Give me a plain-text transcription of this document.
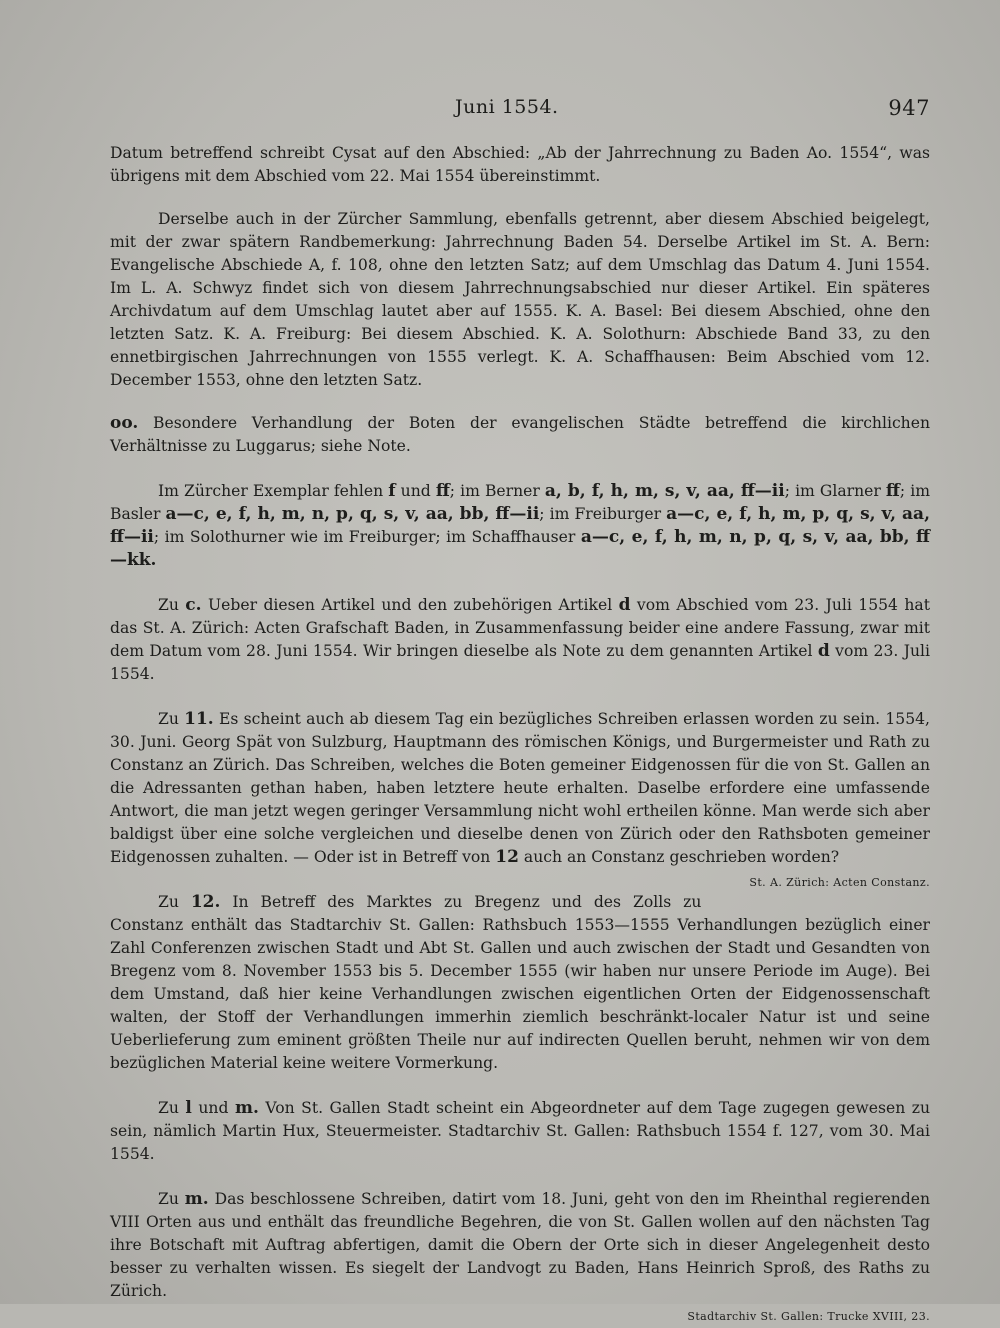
Juni 1554.	947

Datum betreffend schreibt Cysat auf den Abschied: „Ab der Jahrrechnung zu Baden Ao. 1554“, was übrigens mit dem Abschied vom 22. Mai 1554 übereinstimmt.

Derselbe auch in der Zürcher Sammlung, ebenfalls getrennt, aber diesem Abschied beigelegt, mit der zwar spätern Randbemerkung: Jahrrechnung Baden 54. Derselbe Artikel im St. A. Bern: Evangelische Abschiede A, f. 108, ohne den letzten Satz; auf dem Umschlag das Datum 4. Juni 1554. Im L. A. Schwyz findet sich von diesem Jahrrechnungsabschied nur dieser Artikel. Ein späteres Archivdatum auf dem Umschlag lautet aber auf 1555. K. A. Basel: Bei diesem Abschied, ohne den letzten Satz. K. A. Freiburg: Bei diesem Abschied. K. A. Solothurn: Abschiede Band 33, zu den ennetbirgischen Jahrrechnungen von 1555 verlegt. K. A. Schaffhausen: Beim Abschied vom 12. December 1553, ohne den letzten Satz.

oo. Besondere Verhandlung der Boten der evangelischen Städte betreffend die kirchlichen Verhältnisse zu Luggarus; siehe Note.

Im Zürcher Exemplar fehlen f und ff; im Berner a, b, f, h, m, s, v, aa, ff—ii; im Glarner ff; im Basler a—c, e, f, h, m, n, p, q, s, v, aa, bb, ff—ii; im Freiburger a—c, e, f, h, m, p, q, s, v, aa, ff—ii; im Solothurner wie im Freiburger; im Schaffhauser a—c, e, f, h, m, n, p, q, s, v, aa, bb, ff—kk.

Zu c. Ueber diesen Artikel und den zubehörigen Artikel d vom Abschied vom 23. Juli 1554 hat das St. A. Zürich: Acten Grafschaft Baden, in Zusammenfassung beider eine andere Fassung, zwar mit dem Datum vom 28. Juni 1554. Wir bringen dieselbe als Note zu dem genannten Artikel d vom 23. Juli 1554.

Zu 11. Es scheint auch ab diesem Tag ein bezügliches Schreiben erlassen worden zu sein. 1554, 30. Juni. Georg Spät von Sulzburg, Hauptmann des römischen Königs, und Burgermeister und Rath zu Constanz an Zürich. Das Schreiben, welches die Boten gemeiner Eidgenossen für die von St. Gallen an die Adressanten gethan haben, haben letztere heute erhalten. Daselbe erfordere eine umfassende Antwort, die man jetzt wegen geringer Versammlung nicht wohl ertheilen könne. Man werde sich aber baldigst über eine solche vergleichen und dieselbe denen von Zürich oder den Rathsboten gemeiner Eidgenossen zuhalten. — Oder ist in Betreff von 12 auch an Constanz geschrieben worden?
St. A. Zürich: Acten Constanz.

Zu 12. In Betreff des Marktes zu Bregenz und des Zolls zu Constanz enthält das Stadtarchiv St. Gallen: Rathsbuch 1553—1555 Verhandlungen bezüglich einer Zahl Conferenzen zwischen Stadt und Abt St. Gallen und auch zwischen der Stadt und Gesandten von Bregenz vom 8. November 1553 bis 5. December 1555 (wir haben nur unsere Periode im Auge). Bei dem Umstand, daß hier keine Verhandlungen zwischen eigentlichen Orten der Eidgenossenschaft walten, der Stoff der Verhandlungen immerhin ziemlich beschränkt-localer Natur ist und seine Ueberlieferung zum eminent größten Theile nur auf indirecten Quellen beruht, nehmen wir von dem bezüglichen Material keine weitere Vormerkung.

Zu l und m. Von St. Gallen Stadt scheint ein Abgeordneter auf dem Tage zugegen gewesen zu sein, nämlich Martin Hux, Steuermeister. Stadtarchiv St. Gallen: Rathsbuch 1554 f. 127, vom 30. Mai 1554.

Zu m. Das beschlossene Schreiben, datirt vom 18. Juni, geht von den im Rheinthal regierenden VIII Orten aus und enthält das freundliche Begehren, die von St. Gallen wollen auf den nächsten Tag ihre Botschaft mit Auftrag abfertigen, damit die Obern der Orte sich in dieser Angelegenheit desto besser zu verhalten wissen. Es siegelt der Landvogt zu Baden, Hans Heinrich Sproß, des Raths zu Zürich.

Stadtarchiv St. Gallen: Trucke XVIII, 23.
